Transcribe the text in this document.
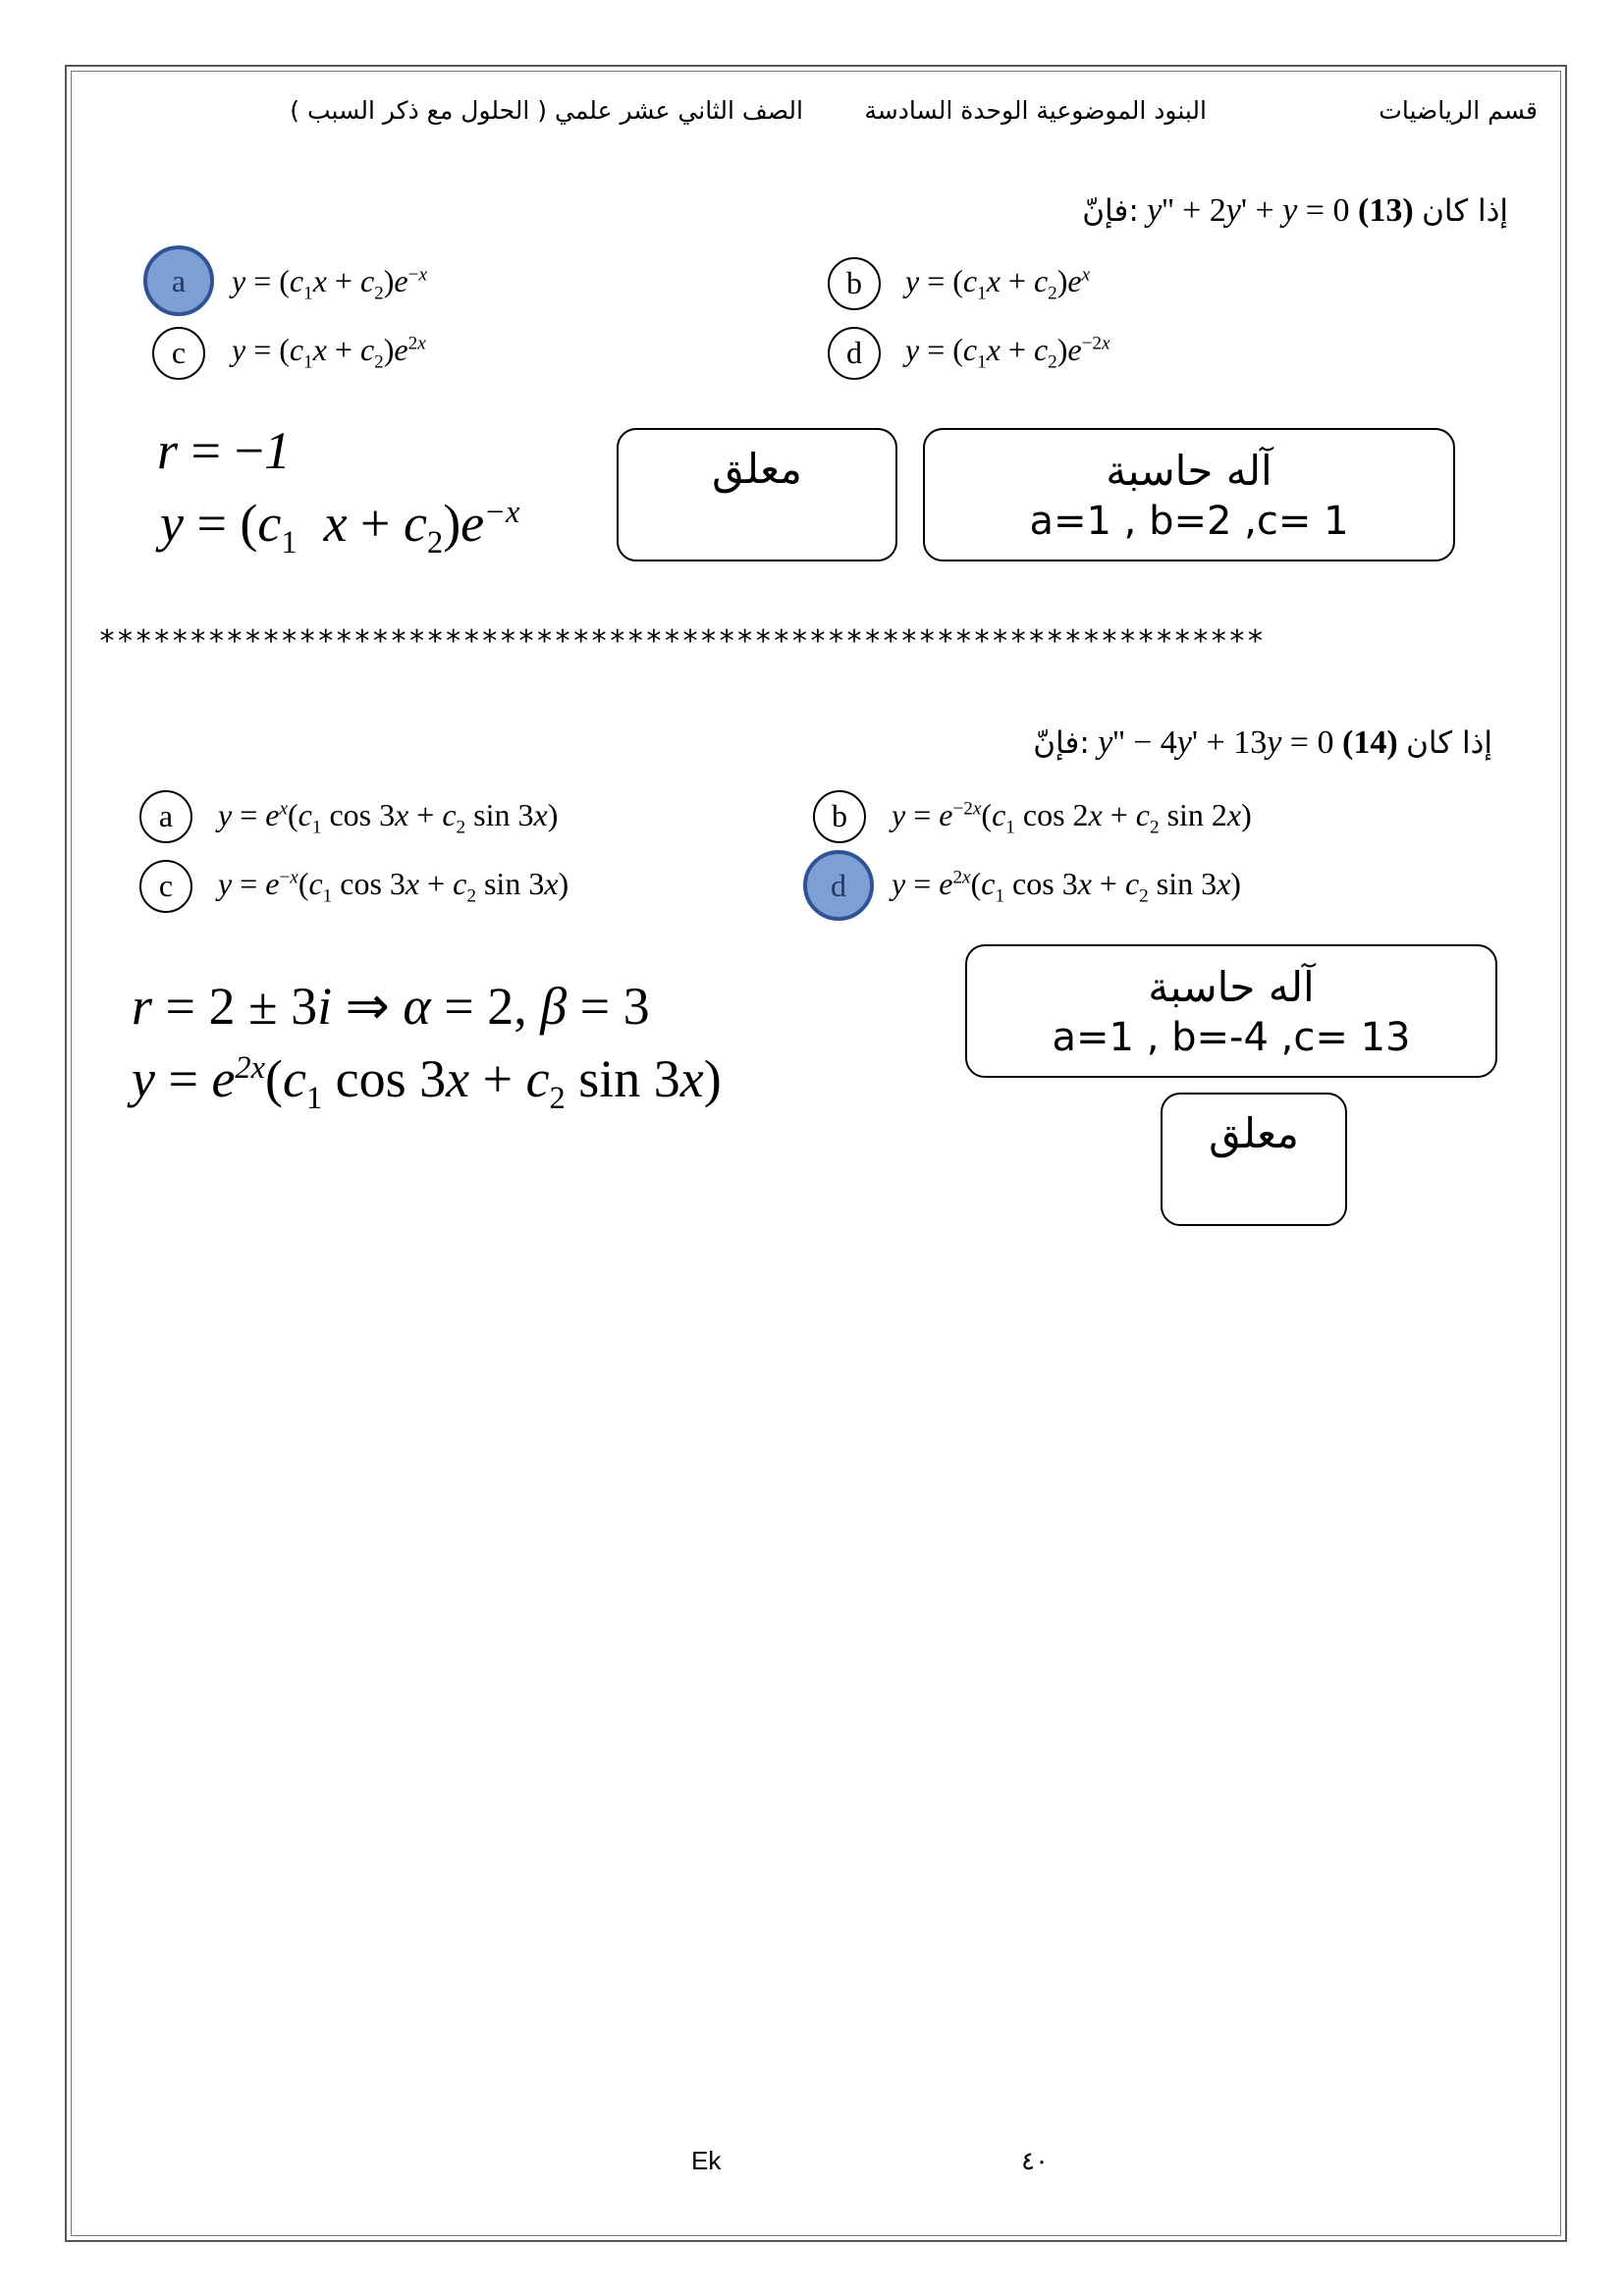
قسم الرياضيات
البنود الموضوعية الوحدة السادسة
الصف الثاني عشر علمي ( الحلول مع ذكر السبب )
فإنّ: y'' + 2y' + y = 0 إذا كان (13)
a	$y = (c_1x + c_2)e^{-x}$	b	$y = (c_1x + c_2)e^x$
c	$y = (c_1x + c_2)e^{2x}$	d	$y = (c_1x + c_2)e^{-2x}$
r = −1
$y = (c_1$  $x + c_2)e^{-x}$
معلق	آله حاسبة
a=1 , b=2 ,c= 1
****************************************************************
فإنّ: y'' − 4y' + 13y = 0 إذا كان (14)
a	$y = e^x(c_1$ $\cos 3x + c_2$ sin 3x)	b	$y = e^{-2x}(c_1$ $\cos 2x + c_2$ sin 2x)
c	$y = e^{-x}(c_1$ $\cos 3x + c_2$ sin 3x)	d	$y = e^{2x}(c_1$ $\cos 3x + c_2$ sin 3x)
r = 2 ± 3i ⇒ α = 2, β = 3
$y = e^{2x}(c_1$ $\cos 3x + c_2$ sin 3x)
آله حاسبة
a=1 , b=-4 ,c= 13
معلق
Ek	٤٠
